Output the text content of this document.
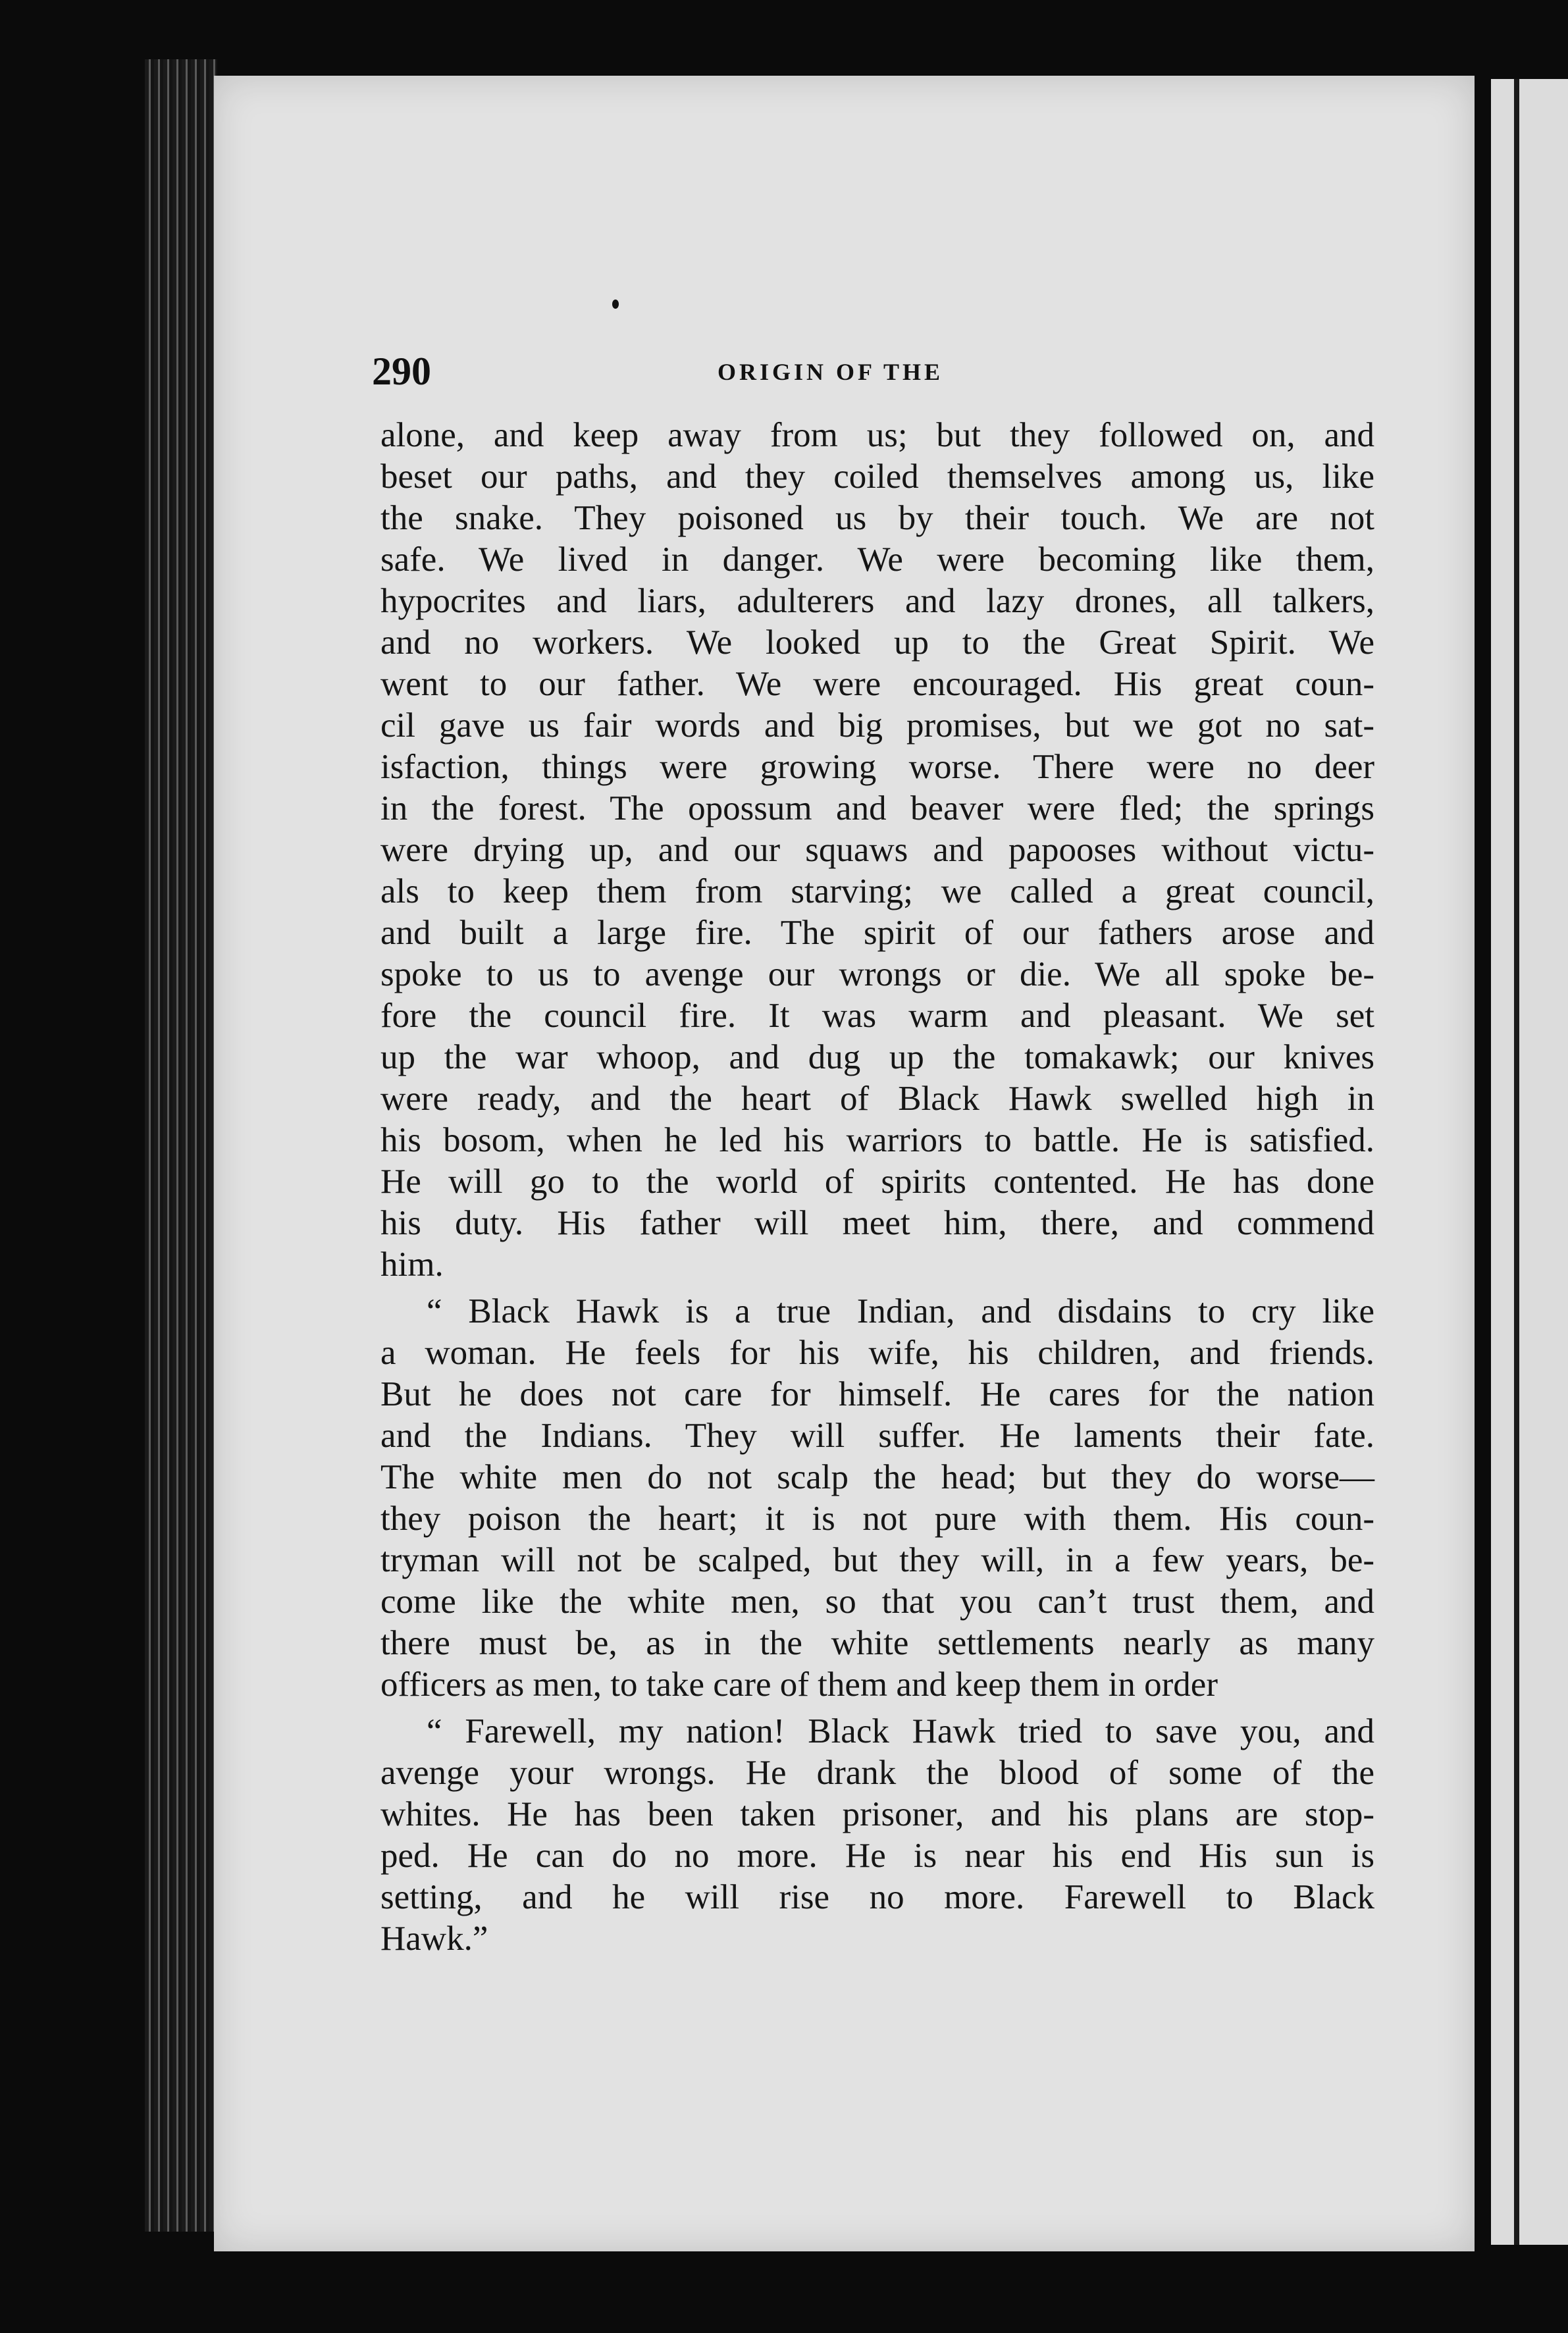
290	ORIGIN OF THE
alone, and keep away from us; but they followed on, and
beset our paths, and they coiled themselves among us, like
the snake. They poisoned us by their touch. We are not
safe. We lived in danger. We were becoming like them,
hypocrites and liars, adulterers and lazy drones, all talkers,
and no workers. We looked up to the Great Spirit. We
went to our father. We were encouraged. His great coun-
cil gave us fair words and big promises, but we got no sat-
isfaction, things were growing worse. There were no deer
in the forest. The opossum and beaver were fled; the springs
were drying up, and our squaws and papooses without victu-
als to keep them from starving; we called a great council,
and built a large fire. The spirit of our fathers arose and
spoke to us to avenge our wrongs or die. We all spoke be-
fore the council fire. It was warm and pleasant. We set
up the war whoop, and dug up the tomakawk; our knives
were ready, and the heart of Black Hawk swelled high in
his bosom, when he led his warriors to battle. He is satisfied.
He will go to the world of spirits contented. He has done
his duty. His father will meet him, there, and commend
him.
“ Black Hawk is a true Indian, and disdains to cry like
a woman. He feels for his wife, his children, and friends.
But he does not care for himself. He cares for the nation
and the Indians. They will suffer. He laments their fate.
The white men do not scalp the head; but they do worse—
they poison the heart; it is not pure with them. His coun-
tryman will not be scalped, but they will, in a few years, be-
come like the white men, so that you can’t trust them, and
there must be, as in the white settlements nearly as many
officers as men, to take care of them and keep them in order
“ Farewell, my nation! Black Hawk tried to save you, and
avenge your wrongs. He drank the blood of some of the
whites. He has been taken prisoner, and his plans are stop-
ped. He can do no more. He is near his end His sun is
setting, and he will rise no more. Farewell to Black
Hawk.”
